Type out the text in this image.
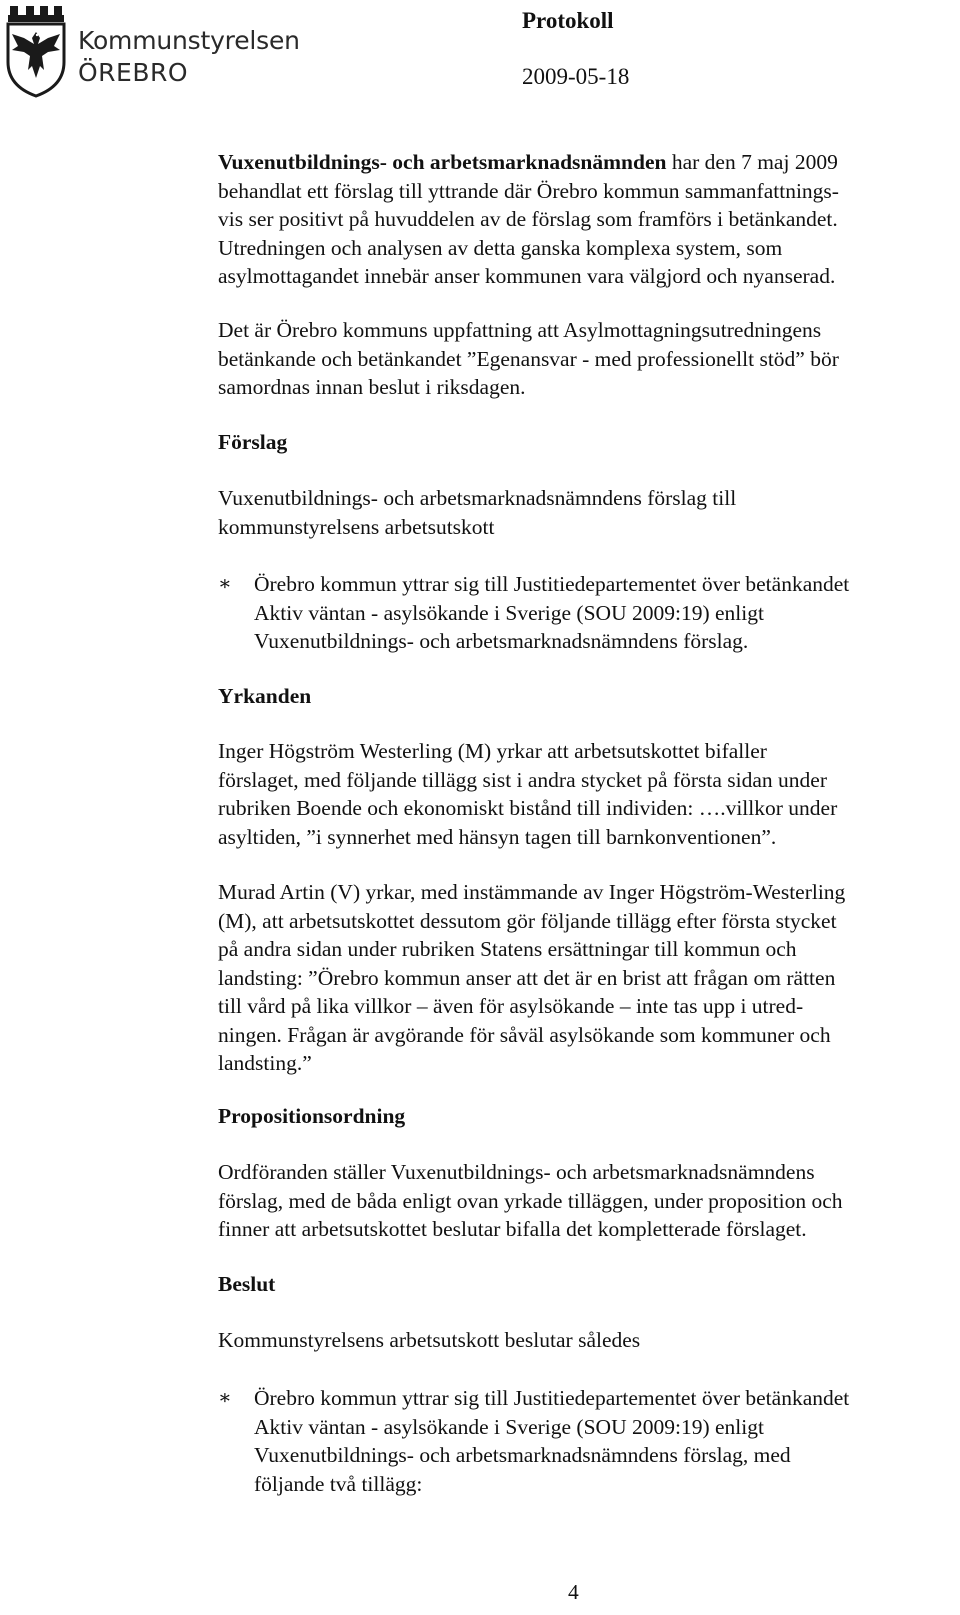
Kommunstyrelsen
ÖREBRO
Protokoll
2009-05-18

Vuxenutbildnings- och arbetsmarknadsnämnden har den 7 maj 2009
behandlat ett förslag till yttrande där Örebro kommun sammanfattnings-
vis ser positivt på huvuddelen av de förslag som framförs i betänkandet.
Utredningen och analysen av detta ganska komplexa system, som
asylmottagandet innebär anser kommunen vara välgjord och nyanserad.

Det är Örebro kommuns uppfattning att Asylmottagningsutredningens
betänkande och betänkandet ”Egenansvar - med professionellt stöd” bör
samordnas innan beslut i riksdagen.

Förslag

Vuxenutbildnings- och arbetsmarknadsnämndens förslag till
kommunstyrelsens arbetsutskott

∗ Örebro kommun yttrar sig till Justitiedepartementet över betänkandet
Aktiv väntan - asylsökande i Sverige (SOU 2009:19) enligt
Vuxenutbildnings- och arbetsmarknadsnämndens förslag.
Yrkanden

Inger Högström Westerling (M) yrkar att arbetsutskottet bifaller
förslaget, med följande tillägg sist i andra stycket på första sidan under
rubriken Boende och ekonomiskt bistånd till individen: ….villkor under
asyltiden, ”i synnerhet med hänsyn tagen till barnkonventionen”.

Murad Artin (V) yrkar, med instämmande av Inger Högström-Westerling
(M), att arbetsutskottet dessutom gör följande tillägg efter första stycket
på andra sidan under rubriken Statens ersättningar till kommun och
landsting: ”Örebro kommun anser att det är en brist att frågan om rätten
till vård på lika villkor – även för asylsökande – inte tas upp i utred-
ningen. Frågan är avgörande för såväl asylsökande som kommuner och
landsting.”

Propositionsordning

Ordföranden ställer Vuxenutbildnings- och arbetsmarknadsnämndens
förslag, med de båda enligt ovan yrkade tilläggen, under proposition och
finner att arbetsutskottet beslutar bifalla det kompletterade förslaget.

Beslut

Kommunstyrelsens arbetsutskott beslutar således

∗ Örebro kommun yttrar sig till Justitiedepartementet över betänkandet
Aktiv väntan - asylsökande i Sverige (SOU 2009:19) enligt
Vuxenutbildnings- och arbetsmarknadsnämndens förslag, med
följande två tillägg:
4
